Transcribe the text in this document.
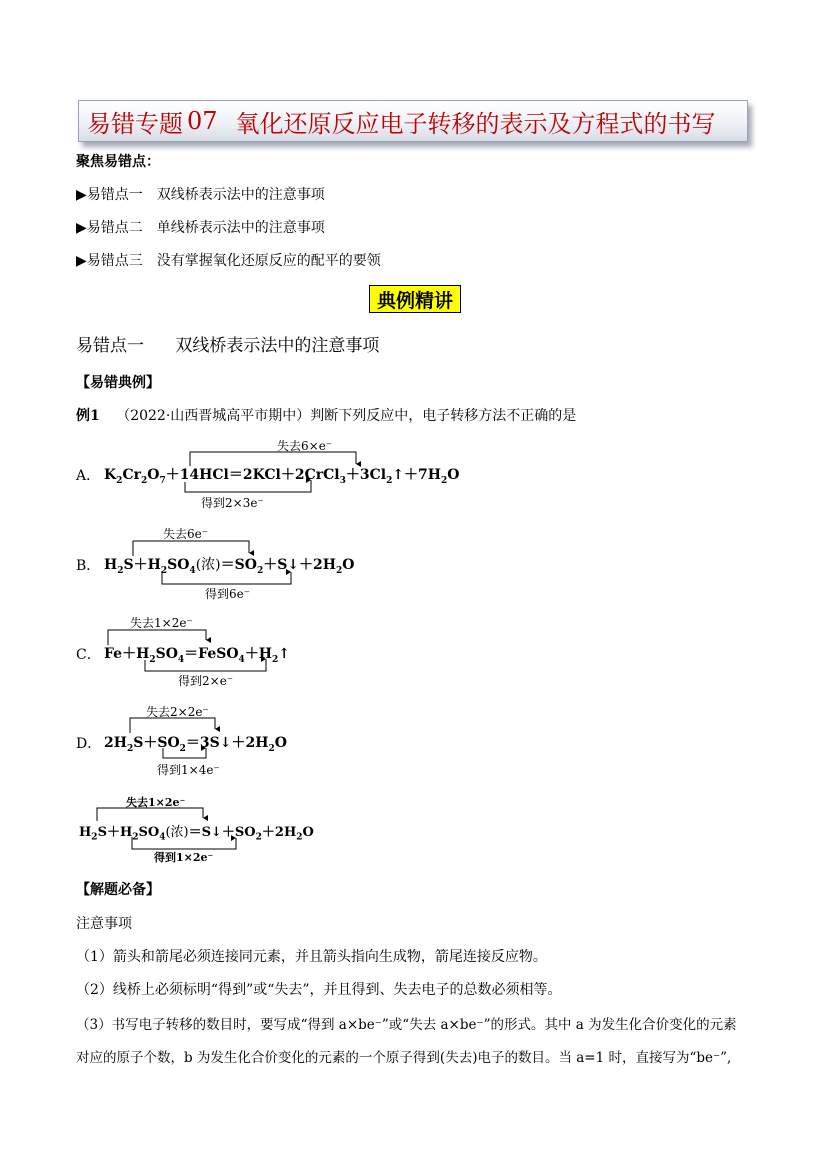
易错专题 07 氧化还原反应电子转移的表示及方程式的书写
聚焦易错点：
▶易错点一　双线桥表示法中的注意事项
▶易错点二　单线桥表示法中的注意事项
▶易错点三　没有掌握氧化还原反应的配平的要领
典例精讲
易错点一 双线桥表示法中的注意事项
【易错典例】
例1 （2022·山西晋城高平市期中）判断下列反应中，电子转移方法不正确的是
失去6×e⁻
A． $K_2Cr_2O_7+14HCl=2KCl+2CrCl_3+3Cl_2↑+7H_2O$
得到2×3e⁻
失去6e⁻
B． $H_2S+H_2SO_4$(浓)$=SO_2+S↓+2H_2O$
得到6e⁻
失去1×2e⁻
C． $Fe+H_2SO_4=FeSO_4+H_2↑$
得到2×e⁻
失去2×2e⁻
D． $2H_2S+SO_2=3S↓+2H_2O$
得到1×4e⁻
失去1×2e⁻
$H_2S+H_2SO_4$(浓)$=S↓+SO_2+2H_2O$
得到1×2e⁻
【解题必备】
注意事项
（1）箭头和箭尾必须连接同元素，并且箭头指向生成物，箭尾连接反应物。
（2）线桥上必须标明“得到”或“失去”，并且得到、失去电子的总数必须相等。
（3）书写电子转移的数目时，要写成“得到 a×be⁻”或“失去 a×be⁻”的形式。其中 a 为发生化合价变化的元素
对应的原子个数，b 为发生化合价变化的元素的一个原子得到(失去)电子的数目。当 a=1 时，直接写为“be⁻”,
